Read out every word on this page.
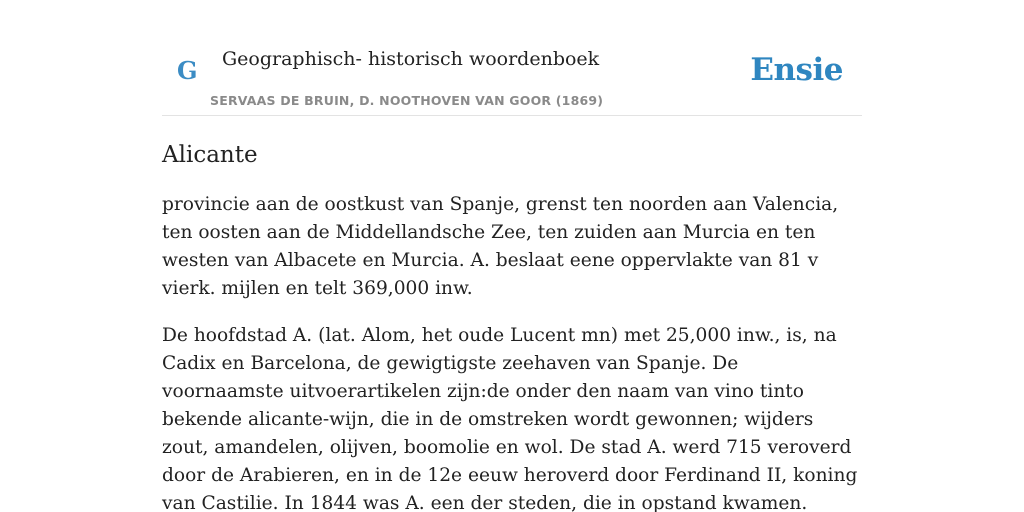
G Geographisch- historisch woordenboek
SERVAAS DE BRUIN, D. NOOTHOVEN VAN GOOR (1869)
Ensie
Alicante

provincie aan de oostkust van Spanje, grenst ten noorden aan Valencia, ten oosten aan de Middellandsche Zee, ten zuiden aan Murcia en ten westen van Albacete en Murcia. A. beslaat eene oppervlakte van 81 v vierk. mijlen en telt 369,000 inw.

De hoofdstad A. (lat. Alom, het oude Lucent mn) met 25,000 inw., is, na Cadix en Barcelona, de gewigtigste zeehaven van Spanje. De voornaamste uitvoerartikelen zijn:de onder den naam van vino tinto bekende alicante-wijn, die in de omstreken wordt gewonnen; wijders zout, amandelen, olijven, boomolie en wol. De stad A. werd 715 veroverd door de Arabieren, en in de 12e eeuw heroverd door Ferdinand II, koning van Castilie. In 1844 was A. een der steden, die in opstand kwamen.
